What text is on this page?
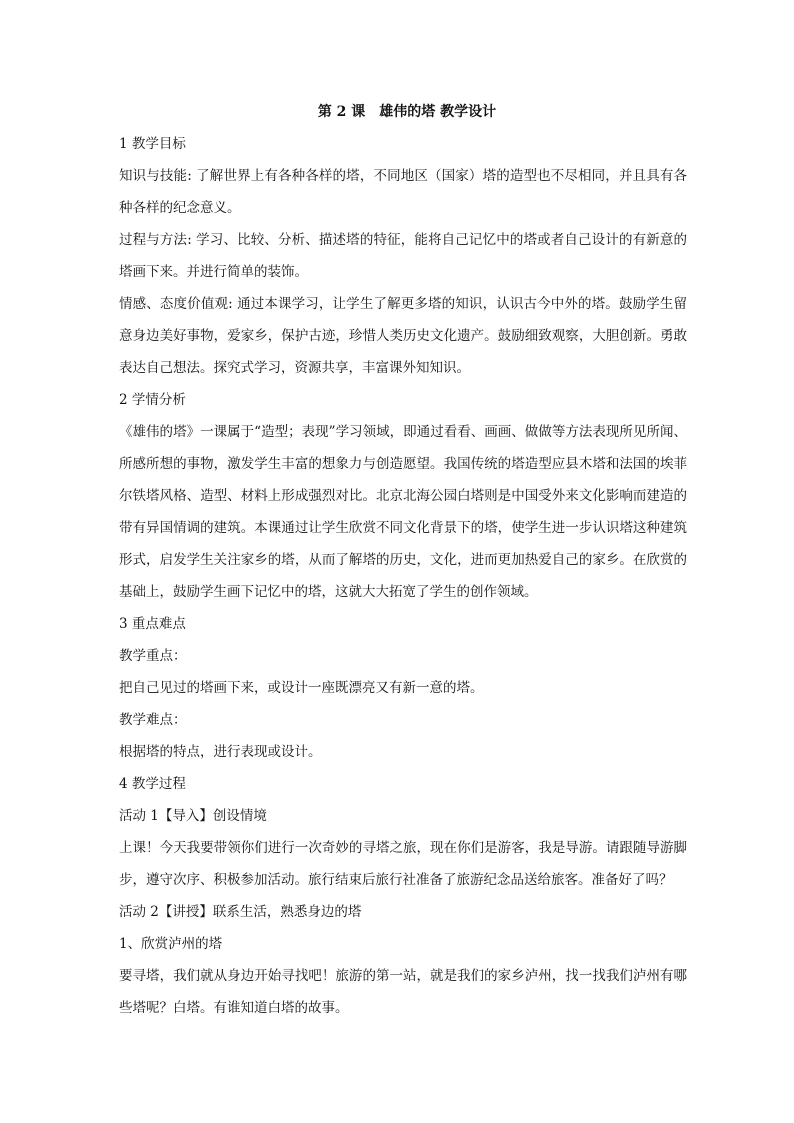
第 2 课　雄伟的塔 教学设计
1 教学目标
知识与技能: 了解世界上有各种各样的塔，不同地区（国家）塔的造型也不尽相同，并且具有各种各样的纪念意义。
过程与方法: 学习、比较、分析、描述塔的特征，能将自己记忆中的塔或者自己设计的有新意的塔画下来。并进行简单的装饰。
情感、态度价值观: 通过本课学习，让学生了解更多塔的知识，认识古今中外的塔。鼓励学生留意身边美好事物，爱家乡，保护古迹，珍惜人类历史文化遗产。鼓励细致观察，大胆创新。勇敢表达自己想法。探究式学习，资源共享，丰富课外知知识。
2 学情分析
《雄伟的塔》一课属于“造型；表现”学习领域，即通过看看、画画、做做等方法表现所见所闻、所感所想的事物，激发学生丰富的想象力与创造愿望。我国传统的塔造型应县木塔和法国的埃菲尔铁塔风格、造型、材料上形成强烈对比。北京北海公园白塔则是中国受外来文化影响而建造的带有异国情调的建筑。本课通过让学生欣赏不同文化背景下的塔，使学生进一步认识塔这种建筑形式，启发学生关注家乡的塔，从而了解塔的历史，文化，进而更加热爱自己的家乡。在欣赏的基础上，鼓励学生画下记忆中的塔，这就大大拓宽了学生的创作领域。
3 重点难点
教学重点：
把自己见过的塔画下来，或设计一座既漂亮又有新一意的塔。
教学难点：
根据塔的特点，进行表现或设计。
4 教学过程
活动 1【导入】创设情境
上课！今天我要带领你们进行一次奇妙的寻塔之旅，现在你们是游客，我是导游。请跟随导游脚步，遵守次序、积极参加活动。旅行结束后旅行社准备了旅游纪念品送给旅客。准备好了吗？
活动 2【讲授】联系生活，熟悉身边的塔
1、欣赏泸州的塔
要寻塔，我们就从身边开始寻找吧！旅游的第一站，就是我们的家乡泸州，找一找我们泸州有哪些塔呢？白塔。有谁知道白塔的故事。
